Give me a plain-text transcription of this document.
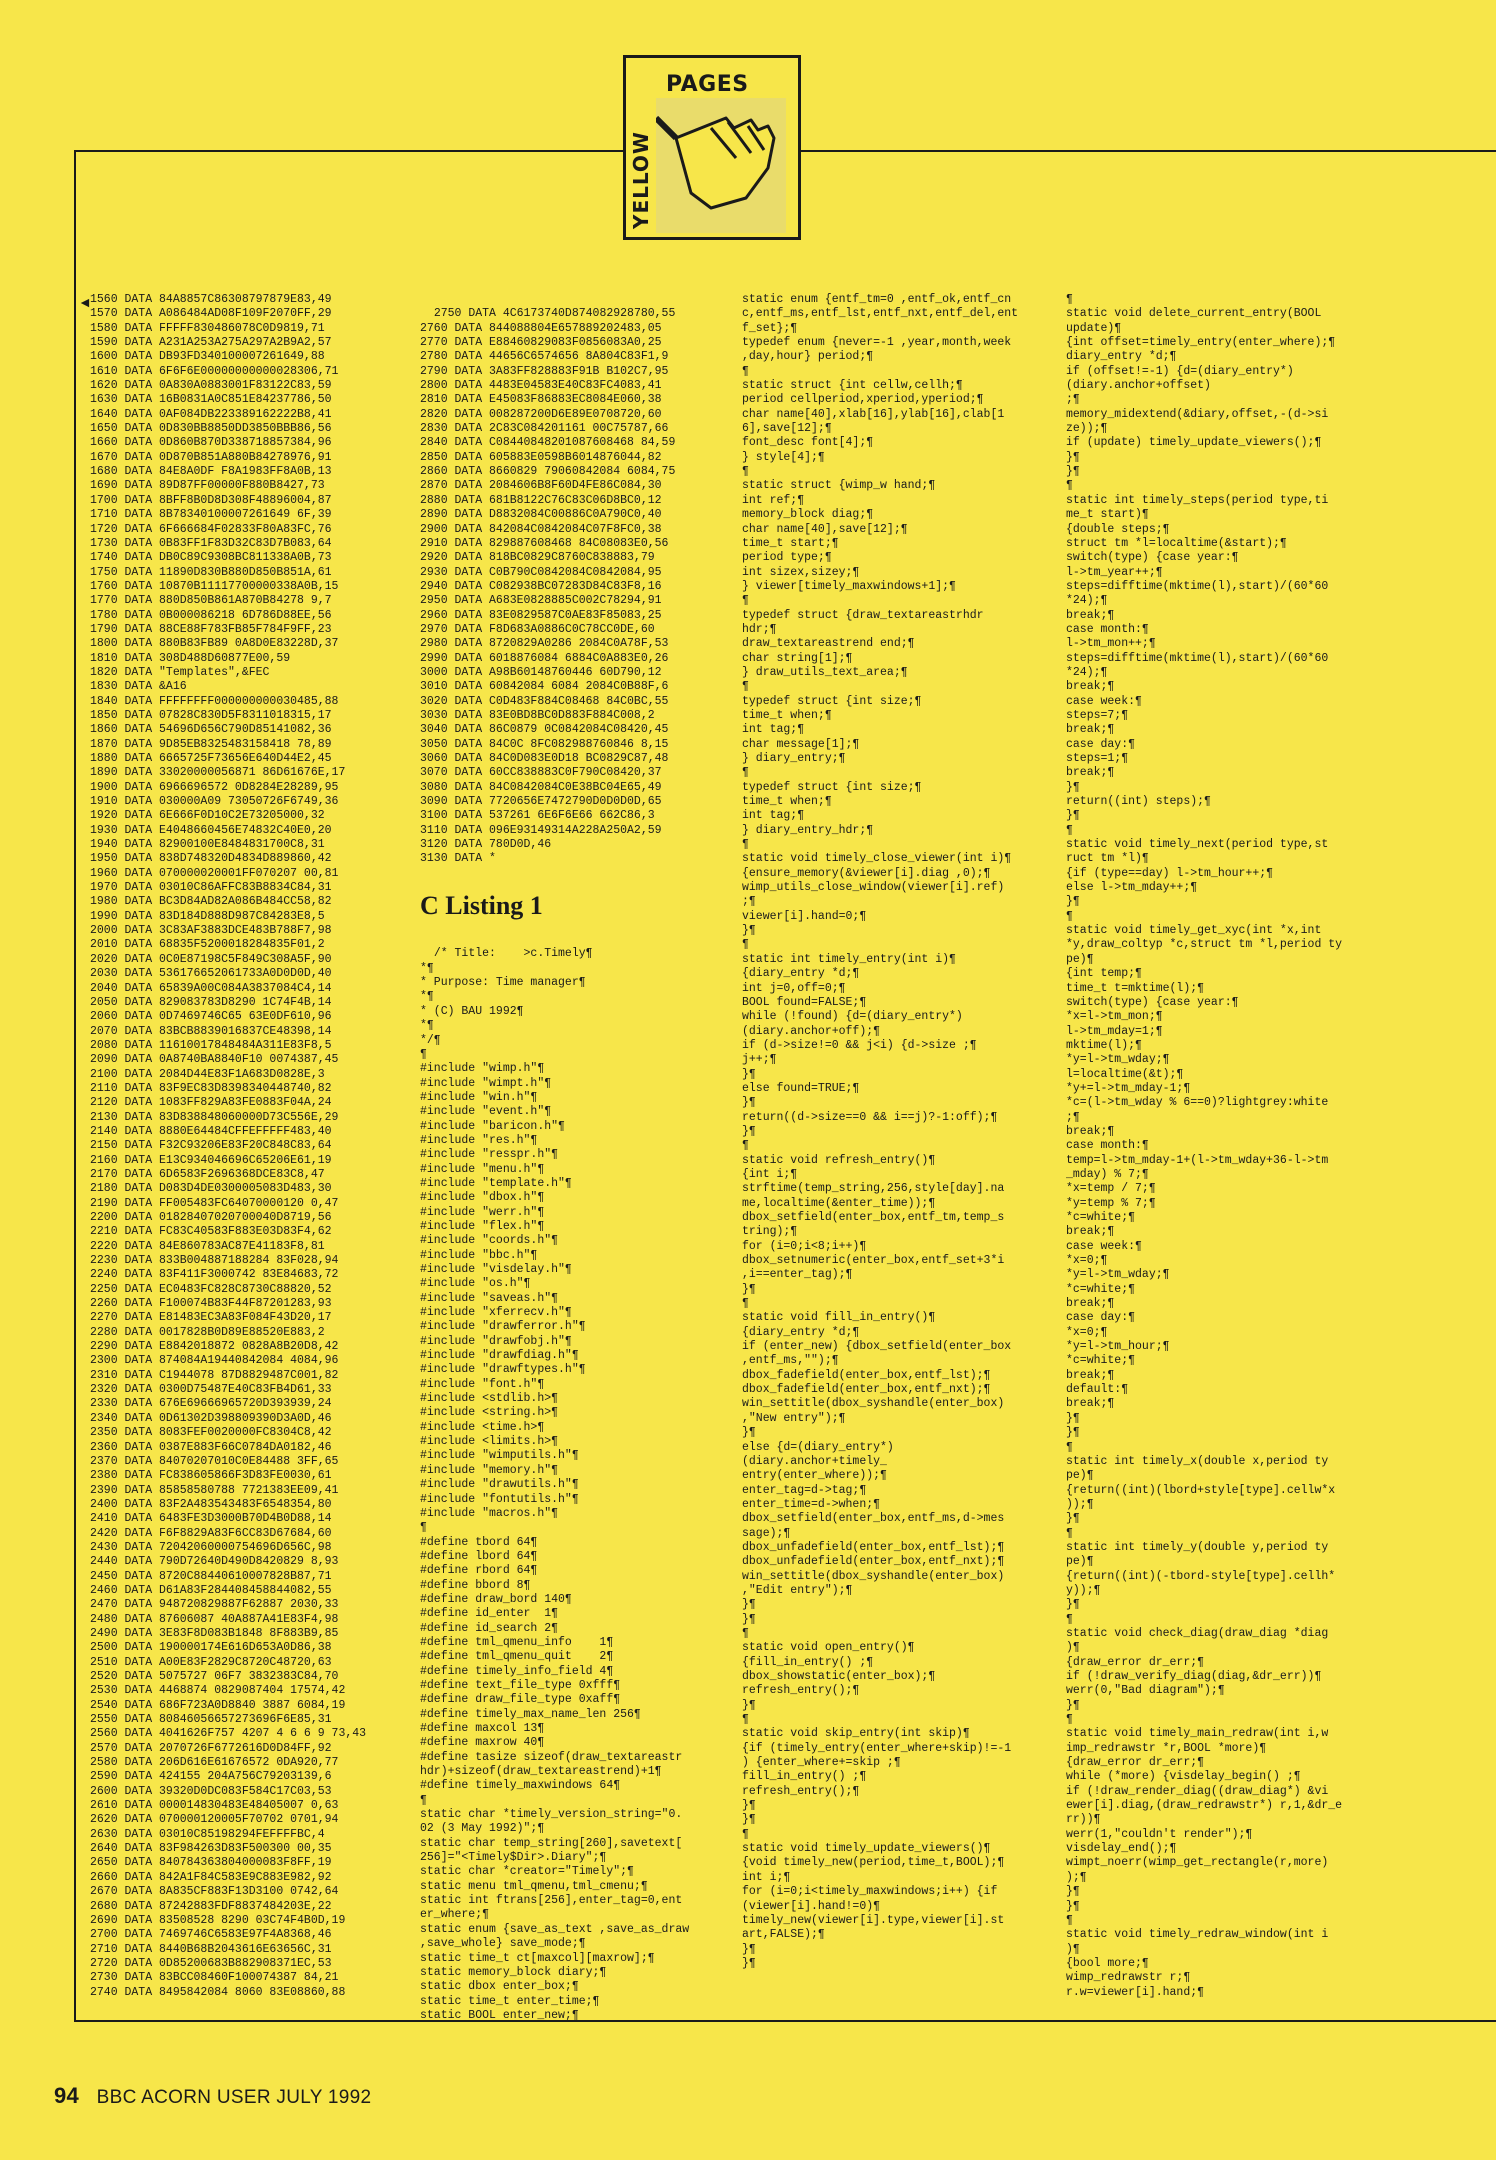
PAGES
YELLOW
◄
1560 DATA 84A8857C86308797879E83,49
1570 DATA A086484AD08F109F2070FF,29
1580 DATA FFFFF830486078C0D9819,71
1590 DATA A231A253A275A297A2B9A2,57
1600 DATA DB93FD340100007261649,88
1610 DATA 6F6F6E00000000000028306,71
1620 DATA 0A830A0883001F83122C83,59
1630 DATA 16B0831A0C851E84237786,50
1640 DATA 0AF084DB223389162222B8,41
1650 DATA 0D830BB8850DD3850BBB86,56
1660 DATA 0D860B870D338718857384,96
1670 DATA 0D870B851A880B84278976,91
1680 DATA 84E8A0DF F8A1983FF8A0B,13
1690 DATA 89D87FF00000F880B8427,73
1700 DATA 8BFF8B0D8D308F48896004,87
1710 DATA 8B78340100007261649 6F,39
1720 DATA 6F666684F02833F80A83FC,76
1730 DATA 0B83FF1F83D32C83D7B083,64
1740 DATA DB0C89C9308BC811338A0B,73
1750 DATA 11890D830B880D850B851A,61
1760 DATA 10870B11117700000338A0B,15
1770 DATA 880D850B861A870B84278 9,7
1780 DATA 0B000086218 6D786D88EE,56
1790 DATA 88CE88F783FB85F784F9FF,23
1800 DATA 880B83FB89 0A8D0E83228D,37
1810 DATA 308D488D60877E00,59
1820 DATA "Templates",&FEC
1830 DATA &A16
1840 DATA FFFFFFFF000000000030485,88
1850 DATA 07828C830D5F8311018315,17
1860 DATA 54696D656C790D85141082,36
1870 DATA 9D85EB8325483158418 78,89
1880 DATA 6665725F73656E640D44E2,45
1890 DATA 33020000056871 86D61676E,17
1900 DATA 6966696572 0D8284E28289,95
1910 DATA 030000A09 73050726F6749,36
1920 DATA 6E666F0D10C2E73205000,32
1930 DATA E4048660456E74832C40E0,20
1940 DATA 82900100E8484831700C8,31
1950 DATA 838D748320D4834D889860,42
1960 DATA 070000020001FF070207 00,81
1970 DATA 03010C86AFFC83B8834C84,31
1980 DATA BC3D84AD82A086B484CC58,82
1990 DATA 83D184D888D987C84283E8,5
2000 DATA 3C83AF3883DCE483B788F7,98
2010 DATA 68835F5200018284835F01,2
2020 DATA 0C0E87198C5F849C308A5F,90
2030 DATA 536176652061733A0D0D0D,40
2040 DATA 65839A00C084A3837084C4,14
2050 DATA 829083783D8290 1C74F4B,14
2060 DATA 0D7469746C65 63E0DF610,96
2070 DATA 83BCB8839016837CE48398,14
2080 DATA 11610017848484A311E83F8,5
2090 DATA 0A8740BA8840F10 0074387,45
2100 DATA 2084D44E83F1A683D0828E,3
2110 DATA 83F9EC83D8398340448740,82
2120 DATA 1083FF829A83FE0883F04A,24
2130 DATA 83D838848060000D73C556E,29
2140 DATA 8880E64484CFFEFFFFF483,40
2150 DATA F32C93206E83F20C848C83,64
2160 DATA E13C934046696C65206E61,19
2170 DATA 6D6583F2696368DCE83C8,47
2180 DATA D083D4DE0300005083D483,30
2190 DATA FF005483FC64070000120 0,47
2200 DATA 01828407020700040D8719,56
2210 DATA FC83C40583F883E03D83F4,62
2220 DATA 84E860783AC87E41183F8,81
2230 DATA 833B004887188284 83F028,94
2240 DATA 83F411F3000742 83E84683,72
2250 DATA EC0483FC828C8730C88820,52
2260 DATA F100074B83F44F87201283,93
2270 DATA E81483EC3A83F084F43D20,17
2280 DATA 0017828B0D89E88520E883,2
2290 DATA E8842018872 0828A8B20D8,42
2300 DATA 874084A19440842084 4084,96
2310 DATA C1944078 87D8829487C001,82
2320 DATA 0300D75487E40C83FB4D61,33
2330 DATA 676E69666965720D393939,24
2340 DATA 0D61302D398809390D3A0D,46
2350 DATA 8083FEF0020000FC8304C8,42
2360 DATA 0387E883F66C0784DA0182,46
2370 DATA 84070207010C0E84488 3FF,65
2380 DATA FC838605866F3D83FE0030,61
2390 DATA 85858580788 7721383EE09,41
2400 DATA 83F2A483543483F6548354,80
2410 DATA 6483FE3D3000B70D4B0D88,14
2420 DATA F6F8829A83F6CC83D67684,60
2430 DATA 72042060000754696D656C,98
2440 DATA 790D72640D490D8420829 8,93
2450 DATA 8720C88440610007828B87,71
2460 DATA D61A83F284408458844082,55
2470 DATA 948720829887F62887 2030,33
2480 DATA 87606087 40A887A41E83F4,98
2490 DATA 3E83F8D083B1848 8F883B9,85
2500 DATA 190000174E616D653A0D86,38
2510 DATA A00E83F2829C8720C48720,63
2520 DATA 5075727 06F7 3832383C84,70
2530 DATA 4468874 0829087404 17574,42
2540 DATA 686F723A0D8840 3887 6084,19
2550 DATA 80846056657273696F6E85,31
2560 DATA 4041626F757 4207 4 6 6 9 73,43
2570 DATA 2070726F6772616D0D84FF,92
2580 DATA 206D616E61676572 0DA920,77
2590 DATA 424155 204A756C79203139,6
2600 DATA 39320D0DC083F584C17C03,53
2610 DATA 000014830483E48405007 0,63
2620 DATA 070000120005F70702 0701,94
2630 DATA 03010C85198294FEFFFFBC,4
2640 DATA 83F984263D83F500300 00,35
2650 DATA 840784363804000083F8FF,19
2660 DATA 842A1F84C583E9C883E982,92
2670 DATA 8A835CF883F13D3100 0742,64
2680 DATA 87242883FDF8837484203E,22
2690 DATA 83508528 8290 03C74F4B0D,19
2700 DATA 7469746C6583E97F4A8368,46
2710 DATA 8440B68B2043616E63656C,31
2720 DATA 0D85200683B882908371EC,53
2730 DATA 83BCC08460F100074387 84,21
2740 DATA 8495842084 8060 83E08860,88

2750 DATA 4C6173740D874082928780,55
2760 DATA 844088804E657889202483,05
2770 DATA E88460829083F0856083A0,25
2780 DATA 44656C6574656 8A804C83F1,9
2790 DATA 3A83FF828883F91B B102C7,95
2800 DATA 4483E04583E40C83FC4083,41
2810 DATA E45083F86883EC8084E060,38
2820 DATA 008287200D6E89E0708720,60
2830 DATA 2C83C084201161 00C75787,66
2840 DATA C08440848201087608468 84,59
2850 DATA 605883E0598B6014876044,82
2860 DATA 8660829 79060842084 6084,75
2870 DATA 2084606B8F60D4FE86C084,30
2880 DATA 681B8122C76C83C06D8BC0,12
2890 DATA D8832084C00886C0A790C0,40
2900 DATA 842084C0842084C07F8FC0,38
2910 DATA 829887608468 84C08083E0,56
2920 DATA 818BC0829C8760C838883,79
2930 DATA C0B790C0842084C0842084,95
2940 DATA C082938BC07283D84C83F8,16
2950 DATA A683E0828885C002C78294,91
2960 DATA 83E0829587C0AE83F85083,25
2970 DATA F8D683A0886C0C78CC0DE,60
2980 DATA 8720829A0286 2084C0A78F,53
2990 DATA 6018876084 6884C0A883E0,26
3000 DATA A98B60148760446 60D790,12
3010 DATA 60842084 6084 2084C0B88F,6
3020 DATA C0D483F884C08468 84C0BC,55
3030 DATA 83E0BD8BC0D883F884C008,2
3040 DATA 86C0879 0C0842084C08420,45
3050 DATA 84C0C 8FC082988760846 8,15
3060 DATA 84C0D083E0D18 BC0829C87,48
3070 DATA 60CC838883C0F790C08420,37
3080 DATA 84C0842084C0E38BC04E65,49
3090 DATA 7720656E7472790D0D0D0D,65
3100 DATA 537261 6E6F6E66 662C86,3
3110 DATA 096E93149314A228A250A2,59
3120 DATA 780D0D,46
3130 DATA *

C Listing 1

/* Title:    >c.Timely¶
*¶
* Purpose: Time manager¶
*¶
* (C) BAU 1992¶
*¶
*/¶
¶
#include "wimp.h"¶
#include "wimpt.h"¶
#include "win.h"¶
#include "event.h"¶
#include "baricon.h"¶
#include "res.h"¶
#include "resspr.h"¶
#include "menu.h"¶
#include "template.h"¶
#include "dbox.h"¶
#include "werr.h"¶
#include "flex.h"¶
#include "coords.h"¶
#include "bbc.h"¶
#include "visdelay.h"¶
#include "os.h"¶
#include "saveas.h"¶
#include "xferrecv.h"¶
#include "drawferror.h"¶
#include "drawfobj.h"¶
#include "drawfdiag.h"¶
#include "drawftypes.h"¶
#include "font.h"¶
#include <stdlib.h>¶
#include <string.h>¶
#include <time.h>¶
#include <limits.h>¶
#include "wimputils.h"¶
#include "memory.h"¶
#include "drawutils.h"¶
#include "fontutils.h"¶
#include "macros.h"¶
¶
#define tbord 64¶
#define lbord 64¶
#define rbord 64¶
#define bbord 8¶
#define draw_bord 140¶
#define id_enter  1¶
#define id_search 2¶
#define tml_qmenu_info    1¶
#define tml_qmenu_quit    2¶
#define timely_info_field 4¶
#define text_file_type 0xfff¶
#define draw_file_type 0xaff¶
#define timely_max_name_len 256¶
#define maxcol 13¶
#define maxrow 40¶
#define tasize sizeof(draw_textareastr
hdr)+sizeof(draw_textareastrend)+1¶
#define timely_maxwindows 64¶
¶
static char *timely_version_string="0.
02 (3 May 1992)";¶
static char temp_string[260],savetext[
256]="<Timely$Dir>.Diary";¶
static char *creator="Timely";¶
static menu tml_qmenu,tml_cmenu;¶
static int ftrans[256],enter_tag=0,ent
er_where;¶
static enum {save_as_text ,save_as_draw
,save_whole} save_mode;¶
static time_t ct[maxcol][maxrow];¶
static memory_block diary;¶
static dbox enter_box;¶
static time_t enter_time;¶
static BOOL enter_new;¶

static enum {entf_tm=0 ,entf_ok,entf_cn
c,entf_ms,entf_lst,entf_nxt,entf_del,ent
f_set};¶
typedef enum {never=-1 ,year,month,week
,day,hour} period;¶
¶
static struct {int cellw,cellh;¶
period cellperiod,xperiod,yperiod;¶
char name[40],xlab[16],ylab[16],clab[1
6],save[12];¶
font_desc font[4];¶
} style[4];¶
¶
static struct {wimp_w hand;¶
int ref;¶
memory_block diag;¶
char name[40],save[12];¶
time_t start;¶
period type;¶
int sizex,sizey;¶
} viewer[timely_maxwindows+1];¶
¶
typedef struct {draw_textareastrhdr
hdr;¶
draw_textareastrend end;¶
char string[1];¶
} draw_utils_text_area;¶
¶
typedef struct {int size;¶
time_t when;¶
int tag;¶
char message[1];¶
} diary_entry;¶
¶
typedef struct {int size;¶
time_t when;¶
int tag;¶
} diary_entry_hdr;¶
¶
static void timely_close_viewer(int i)¶
{ensure_memory(&viewer[i].diag ,0);¶
wimp_utils_close_window(viewer[i].ref)
;¶
viewer[i].hand=0;¶
}¶
¶
static int timely_entry(int i)¶
{diary_entry *d;¶
int j=0,off=0;¶
BOOL found=FALSE;¶
while (!found) {d=(diary_entry*)
(diary.anchor+off);¶
if (d->size!=0 && j<i) {d->size ;¶
j++;¶
}¶
else found=TRUE;¶
}¶
return((d->size==0 && i==j)?-1:off);¶
}¶
¶
static void refresh_entry()¶
{int i;¶
strftime(temp_string,256,style[day].na
me,localtime(&enter_time));¶
dbox_setfield(enter_box,entf_tm,temp_s
tring);¶
for (i=0;i<8;i++)¶
dbox_setnumeric(enter_box,entf_set+3*i
,i==enter_tag);¶
}¶
¶
static void fill_in_entry()¶
{diary_entry *d;¶
if (enter_new) {dbox_setfield(enter_box
,entf_ms,"");¶
dbox_fadefield(enter_box,entf_lst);¶
dbox_fadefield(enter_box,entf_nxt);¶
win_settitle(dbox_syshandle(enter_box)
,"New entry");¶
}¶
else {d=(diary_entry*)
(diary.anchor+timely_
entry(enter_where));¶
enter_tag=d->tag;¶
enter_time=d->when;¶
dbox_setfield(enter_box,entf_ms,d->mes
sage);¶
dbox_unfadefield(enter_box,entf_lst);¶
dbox_unfadefield(enter_box,entf_nxt);¶
win_settitle(dbox_syshandle(enter_box)
,"Edit entry");¶
}¶
}¶
¶
static void open_entry()¶
{fill_in_entry() ;¶
dbox_showstatic(enter_box);¶
refresh_entry();¶
}¶
¶
static void skip_entry(int skip)¶
{if (timely_entry(enter_where+skip)!=-1
) {enter_where+=skip ;¶
fill_in_entry() ;¶
refresh_entry();¶
}¶
}¶
¶
static void timely_update_viewers()¶
{void timely_new(period,time_t,BOOL);¶
int i;¶
for (i=0;i<timely_maxwindows;i++) {if
(viewer[i].hand!=0)¶
timely_new(viewer[i].type,viewer[i].st
art,FALSE);¶
}¶
}¶
¶
static void delete_current_entry(BOOL
update)¶
{int offset=timely_entry(enter_where);¶
diary_entry *d;¶
if (offset!=-1) {d=(diary_entry*)
(diary.anchor+offset)
;¶
memory_midextend(&diary,offset,-(d->si
ze));¶
if (update) timely_update_viewers();¶
}¶
}¶
¶
static int timely_steps(period type,ti
me_t start)¶
{double steps;¶
struct tm *l=localtime(&start);¶
switch(type) {case year:¶
l->tm_year++;¶
steps=difftime(mktime(l),start)/(60*60
*24);¶
break;¶
case month:¶
l->tm_mon++;¶
steps=difftime(mktime(l),start)/(60*60
*24);¶
break;¶
case week:¶
steps=7;¶
break;¶
case day:¶
steps=1;¶
break;¶
}¶
return((int) steps);¶
}¶
¶
static void timely_next(period type,st
ruct tm *l)¶
{if (type==day) l->tm_hour++;¶
else l->tm_mday++;¶
}¶
¶
static void timely_get_xyc(int *x,int
*y,draw_coltyp *c,struct tm *l,period ty
pe)¶
{int temp;¶
time_t t=mktime(l);¶
switch(type) {case year:¶
*x=l->tm_mon;¶
l->tm_mday=1;¶
mktime(l);¶
*y=l->tm_wday;¶
l=localtime(&t);¶
*y+=l->tm_mday-1;¶
*c=(l->tm_wday % 6==0)?lightgrey:white
;¶
break;¶
case month:¶
temp=l->tm_mday-1+(l->tm_wday+36-l->tm
_mday) % 7;¶
*x=temp / 7;¶
*y=temp % 7;¶
*c=white;¶
break;¶
case week:¶
*x=0;¶
*y=l->tm_wday;¶
*c=white;¶
break;¶
case day:¶
*x=0;¶
*y=l->tm_hour;¶
*c=white;¶
break;¶
default:¶
break;¶
}¶
}¶
¶
static int timely_x(double x,period ty
pe)¶
{return((int)(lbord+style[type].cellw*x
));¶
}¶
¶
static int timely_y(double y,period ty
pe)¶
{return((int)(-tbord-style[type].cellh*
y));¶
}¶
¶
static void check_diag(draw_diag *diag
)¶
{draw_error dr_err;¶
if (!draw_verify_diag(diag,&dr_err))¶
werr(0,"Bad diagram");¶
}¶
¶
static void timely_main_redraw(int i,w
imp_redrawstr *r,BOOL *more)¶
{draw_error dr_err;¶
while (*more) {visdelay_begin() ;¶
if (!draw_render_diag((draw_diag*) &vi
ewer[i].diag,(draw_redrawstr*) r,1,&dr_e
rr))¶
werr(1,"couldn't render");¶
visdelay_end();¶
wimpt_noerr(wimp_get_rectangle(r,more)
);¶
}¶
}¶
¶
static void timely_redraw_window(int i
)¶
{bool more;¶
wimp_redrawstr r;¶
r.w=viewer[i].hand;¶
94 BBC ACORN USER JULY 1992
